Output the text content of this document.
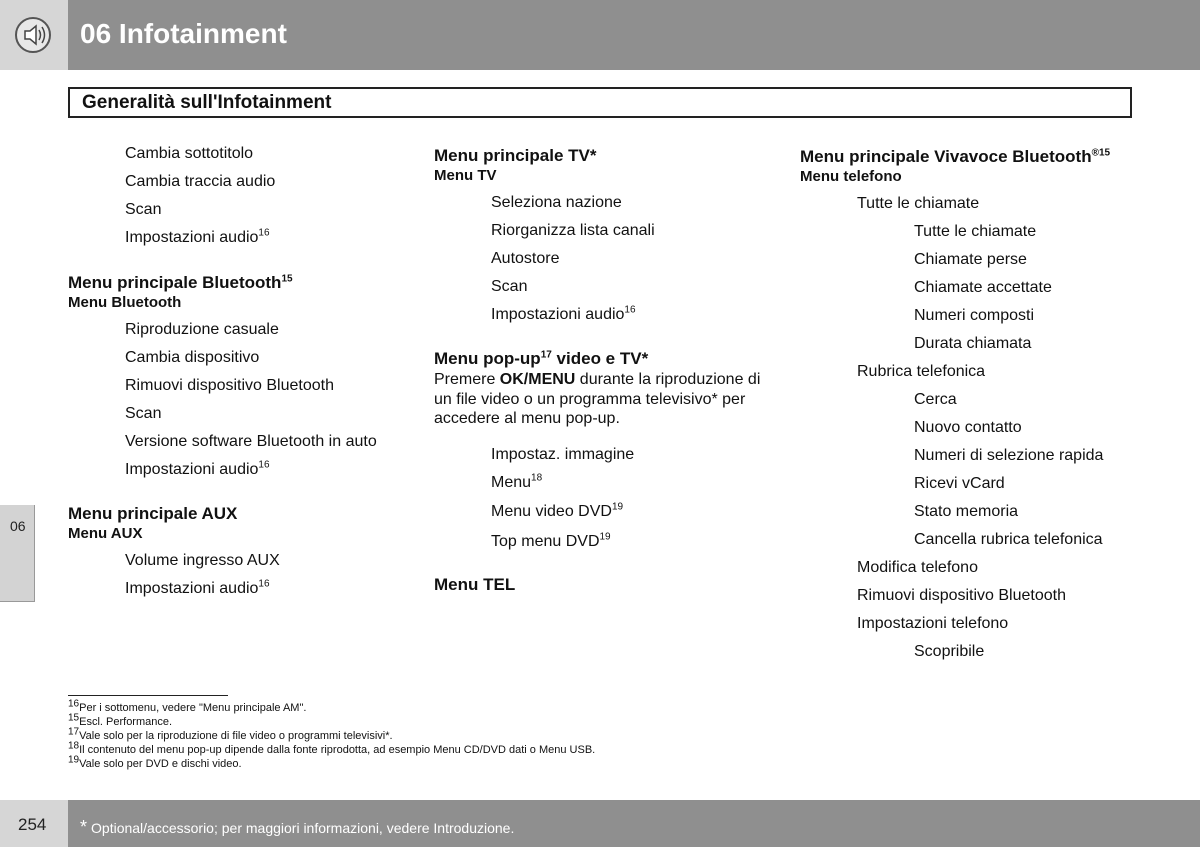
06 Infotainment
Generalità sull'Infotainment
06
Cambia sottotitolo
Cambia traccia audio
Scan
Impostazioni audio$^{16}$
Menu principale Bluetooth$^{15}$
Menu Bluetooth
Riproduzione casuale
Cambia dispositivo
Rimuovi dispositivo Bluetooth
Scan
Versione software Bluetooth in auto
Impostazioni audio$^{16}$
Menu principale AUX
Menu AUX
Volume ingresso AUX
Impostazioni audio$^{16}$
Menu principale TV*
Menu TV
Seleziona nazione
Riorganizza lista canali
Autostore
Scan
Impostazioni audio$^{16}$
Menu pop-$up^{17}$ video e TV*
Premere OK/MENU durante la riproduzione di un file video o un programma televisivo* per accedere al menu pop-up.
Impostaz. immagine
Menu$^{18}$
Menu video DVD$^{19}$
Top menu DVD$^{19}$
Menu TEL
Menu principale Vivavoce Bluetooth$^{®15}$
Menu telefono
Tutte le chiamate
Tutte le chiamate
Chiamate perse
Chiamate accettate
Numeri composti
Durata chiamata
Rubrica telefonica
Cerca
Nuovo contatto
Numeri di selezione rapida
Ricevi vCard
Stato memoria
Cancella rubrica telefonica
Modifica telefono
Rimuovi dispositivo Bluetooth
Impostazioni telefono
Scopribile
$^{16}$Per i sottomenu, vedere "Menu principale AM".
$^{15}$Escl. Performance.
$^{17}$Vale solo per la riproduzione di file video o programmi televisivi*.
$^{18}$Il contenuto del menu pop-up dipende dalla fonte riprodotta, ad esempio Menu CD/DVD dati o Menu USB.
$^{19}$Vale solo per DVD e dischi video.
254 * Optional/accessorio; per maggiori informazioni, vedere Introduzione.
